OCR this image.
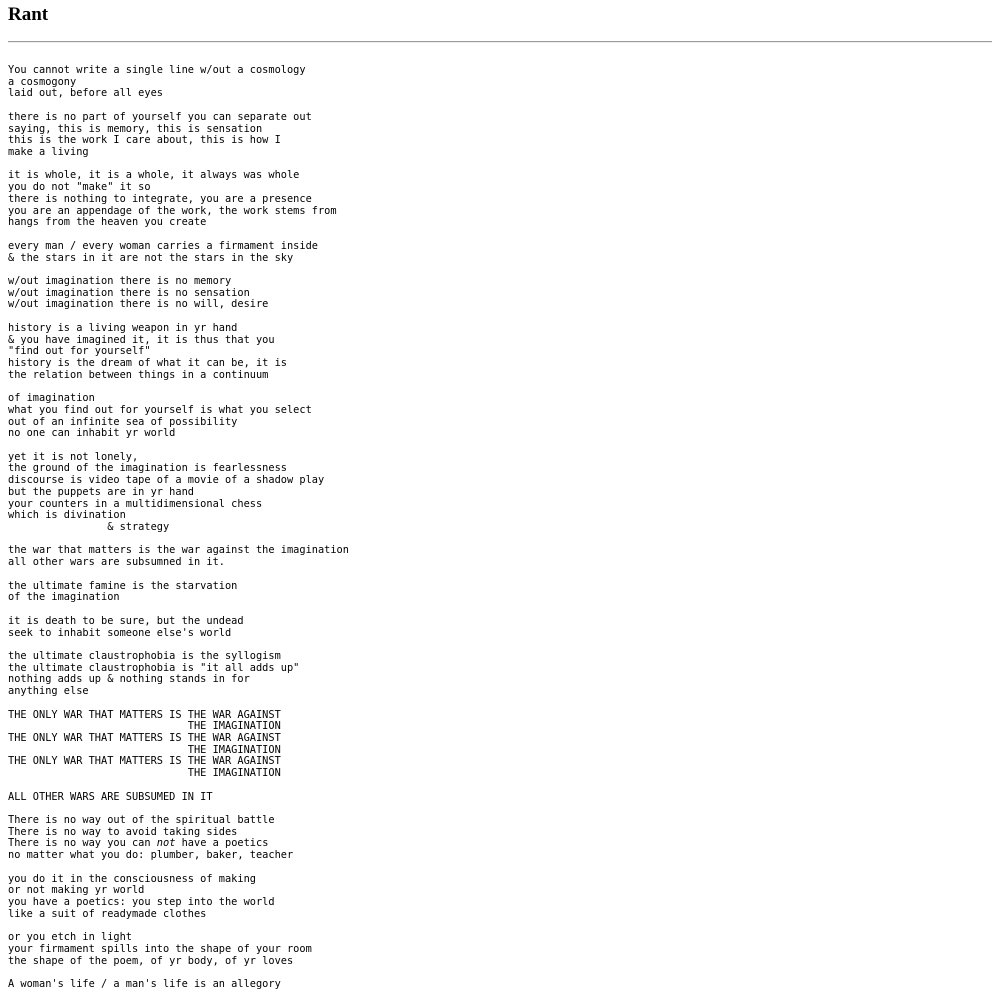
Rant
You cannot write a single line w/out a cosmology
a cosmogony
laid out, before all eyes
there is no part of yourself you can separate out
saying, this is memory, this is sensation
this is the work I care about, this is how I
make a living
it is whole, it is a whole, it always was whole
you do not "make" it so
there is nothing to integrate, you are a presence
you are an appendage of the work, the work stems from
hangs from the heaven you create
every man / every woman carries a firmament inside
& the stars in it are not the stars in the sky
w/out imagination there is no memory
w/out imagination there is no sensation
w/out imagination there is no will, desire
history is a living weapon in yr hand
& you have imagined it, it is thus that you
"find out for yourself"
history is the dream of what it can be, it is
the relation between things in a continuum
of imagination
what you find out for yourself is what you select
out of an infinite sea of possibility
no one can inhabit yr world
yet it is not lonely,
the ground of the imagination is fearlessness
discourse is video tape of a movie of a shadow play
but the puppets are in yr hand
your counters in a multidimensional chess
which is divination
& strategy
the war that matters is the war against the imagination
all other wars are subsumned in it.
the ultimate famine is the starvation
of the imagination
it is death to be sure, but the undead
seek to inhabit someone else's world
the ultimate claustrophobia is the syllogism
the ultimate claustrophobia is "it all adds up"
nothing adds up & nothing stands in for
anything else
THE ONLY WAR THAT MATTERS IS THE WAR AGAINST
THE IMAGINATION
THE ONLY WAR THAT MATTERS IS THE WAR AGAINST
THE IMAGINATION
THE ONLY WAR THAT MATTERS IS THE WAR AGAINST
THE IMAGINATION
ALL OTHER WARS ARE SUBSUMED IN IT
There is no way out of the spiritual battle
There is no way to avoid taking sides
There is no way you can not have a poetics
no matter what you do: plumber, baker, teacher
you do it in the consciousness of making
or not making yr world
you have a poetics: you step into the world
like a suit of readymade clothes
or you etch in light
your firmament spills into the shape of your room
the shape of the poem, of yr body, of yr loves
A woman's life / a man's life is an allegory
